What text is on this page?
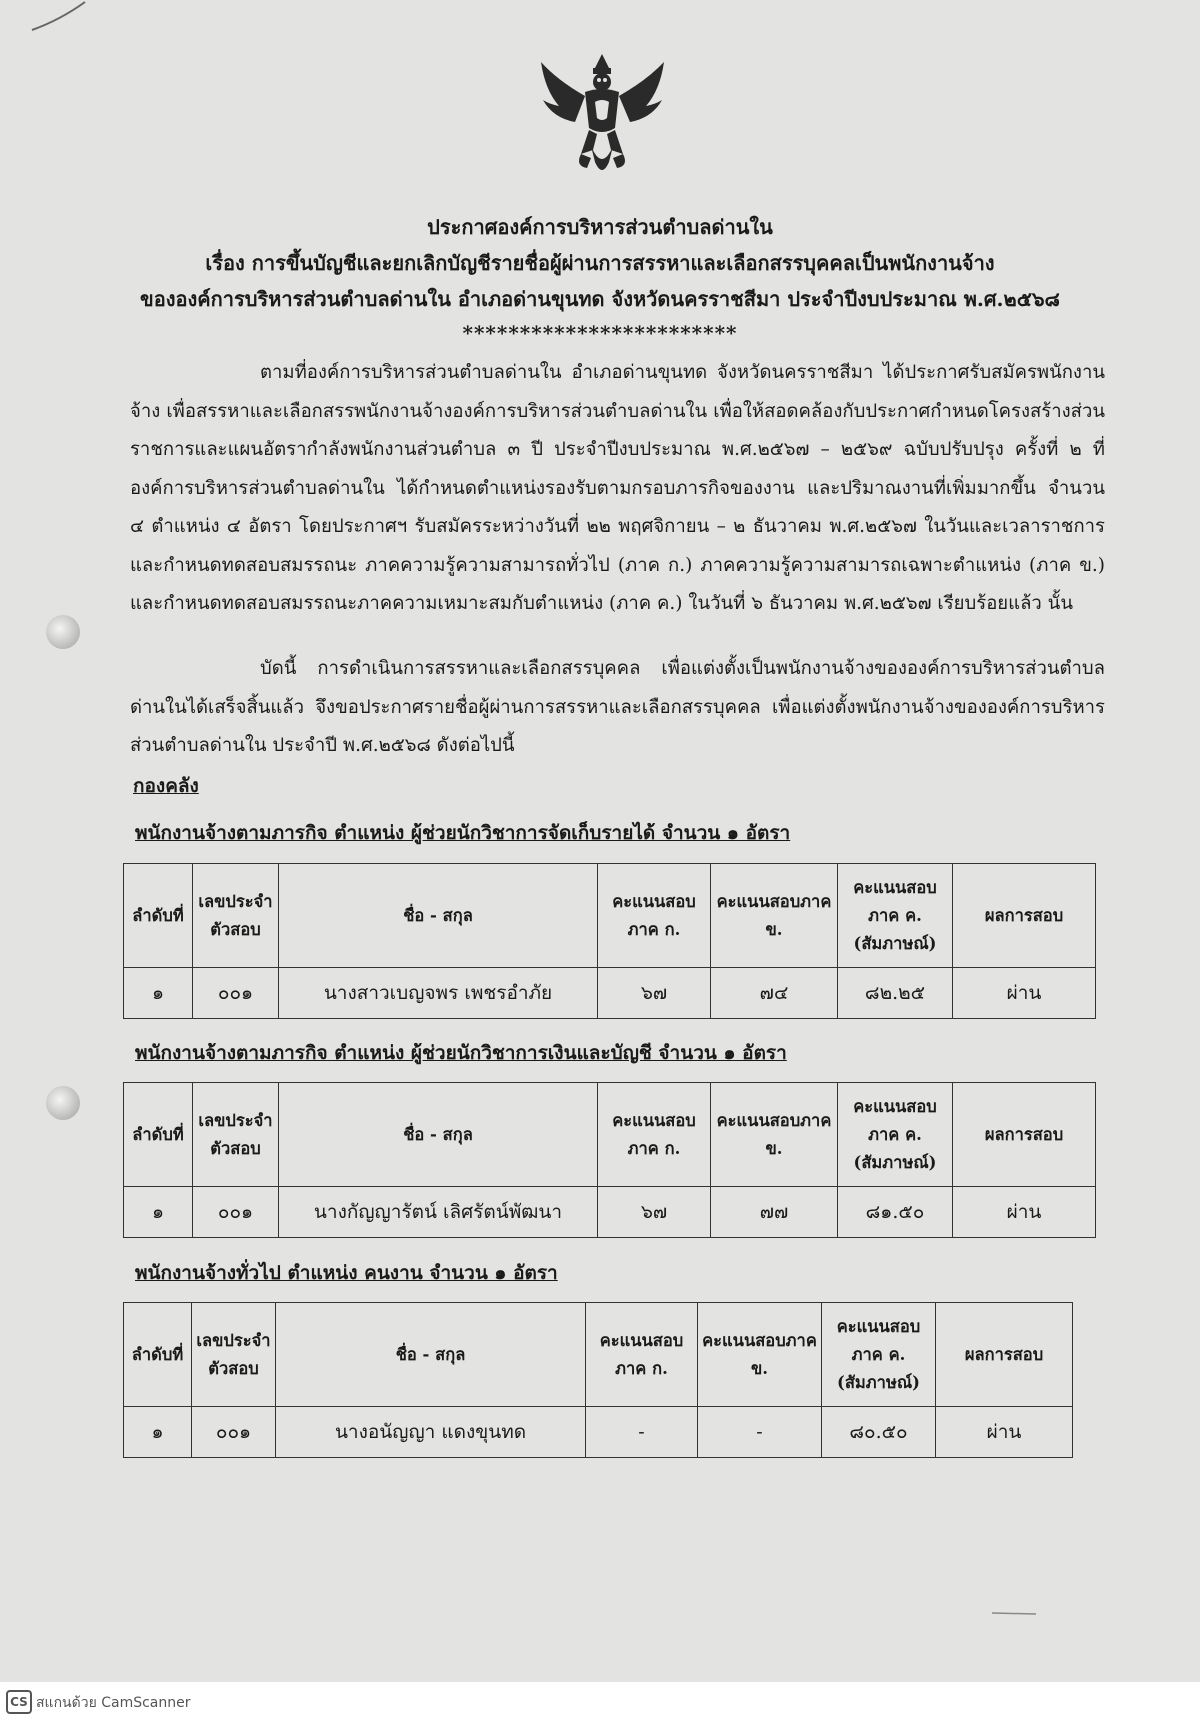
ประกาศองค์การบริหารส่วนตำบลด่านใน
เรื่อง การขึ้นบัญชีและยกเลิกบัญชีรายชื่อผู้ผ่านการสรรหาและเลือกสรรบุคคลเป็นพนักงานจ้าง
ขององค์การบริหารส่วนตำบลด่านใน อำเภอด่านขุนทด จังหวัดนครราชสีมา ประจำปีงบประมาณ พ.ศ.๒๕๖๘
************************
ตามที่องค์การบริหารส่วนตำบลด่านใน อำเภอด่านขุนทด จังหวัดนครราชสีมา ได้ประกาศรับสมัครพนักงานจ้าง เพื่อสรรหาและเลือกสรรพนักงานจ้างองค์การบริหารส่วนตำบลด่านใน เพื่อให้สอดคล้องกับประกาศกำหนดโครงสร้างส่วนราชการและแผนอัตรากำลังพนักงานส่วนตำบล ๓ ปี ประจำปีงบประมาณ พ.ศ.๒๕๖๗ – ๒๕๖๙ ฉบับปรับปรุง ครั้งที่ ๒ ที่องค์การบริหารส่วนตำบลด่านใน ได้กำหนดตำแหน่งรองรับตามกรอบภารกิจของงาน และปริมาณงานที่เพิ่มมากขึ้น จำนวน ๔ ตำแหน่ง ๔ อัตรา โดยประกาศฯ รับสมัครระหว่างวันที่ ๒๒ พฤศจิกายน – ๒ ธันวาคม พ.ศ.๒๕๖๗ ในวันและเวลาราชการ และกำหนดทดสอบสมรรถนะ ภาคความรู้ความสามารถทั่วไป (ภาค ก.) ภาคความรู้ความสามารถเฉพาะตำแหน่ง (ภาค ข.) และกำหนดทดสอบสมรรถนะภาคความเหมาะสมกับตำแหน่ง (ภาค ค.) ในวันที่ ๖ ธันวาคม พ.ศ.๒๕๖๗ เรียบร้อยแล้ว นั้น
บัดนี้ การดำเนินการสรรหาและเลือกสรรบุคคล เพื่อแต่งตั้งเป็นพนักงานจ้างขององค์การบริหารส่วนตำบลด่านในได้เสร็จสิ้นแล้ว จึงขอประกาศรายชื่อผู้ผ่านการสรรหาและเลือกสรรบุคคล เพื่อแต่งตั้งพนักงานจ้างขององค์การบริหารส่วนตำบลด่านใน ประจำปี พ.ศ.๒๕๖๘ ดังต่อไปนี้
กองคลัง
พนักงานจ้างตามภารกิจ ตำแหน่ง ผู้ช่วยนักวิชาการจัดเก็บรายได้ จำนวน ๑ อัตรา
ลำดับที่	เลขประจำตัวสอบ	ชื่อ - สกุล	คะแนนสอบภาค ก.	คะแนนสอบภาค ข.	คะแนนสอบภาค ค.(สัมภาษณ์)	ผลการสอบ
๑	๐๐๑	นางสาวเบญจพร เพชรอำภัย	๖๗	๗๔	๘๒.๒๕	ผ่าน
พนักงานจ้างตามภารกิจ ตำแหน่ง ผู้ช่วยนักวิชาการเงินและบัญชี จำนวน ๑ อัตรา
ลำดับที่	เลขประจำตัวสอบ	ชื่อ - สกุล	คะแนนสอบภาค ก.	คะแนนสอบภาค ข.	คะแนนสอบภาค ค.(สัมภาษณ์)	ผลการสอบ
๑	๐๐๑	นางกัญญารัตน์ เลิศรัตน์พัฒนา	๖๗	๗๗	๘๑.๕๐	ผ่าน
พนักงานจ้างทั่วไป ตำแหน่ง คนงาน จำนวน ๑ อัตรา
ลำดับที่	เลขประจำตัวสอบ	ชื่อ - สกุล	คะแนนสอบภาค ก.	คะแนนสอบภาค ข.	คะแนนสอบภาค ค.(สัมภาษณ์)	ผลการสอบ
๑	๐๐๑	นางอนัญญา แดงขุนทด	-	-	๘๐.๕๐	ผ่าน
CS สแกนด้วย CamScanner
